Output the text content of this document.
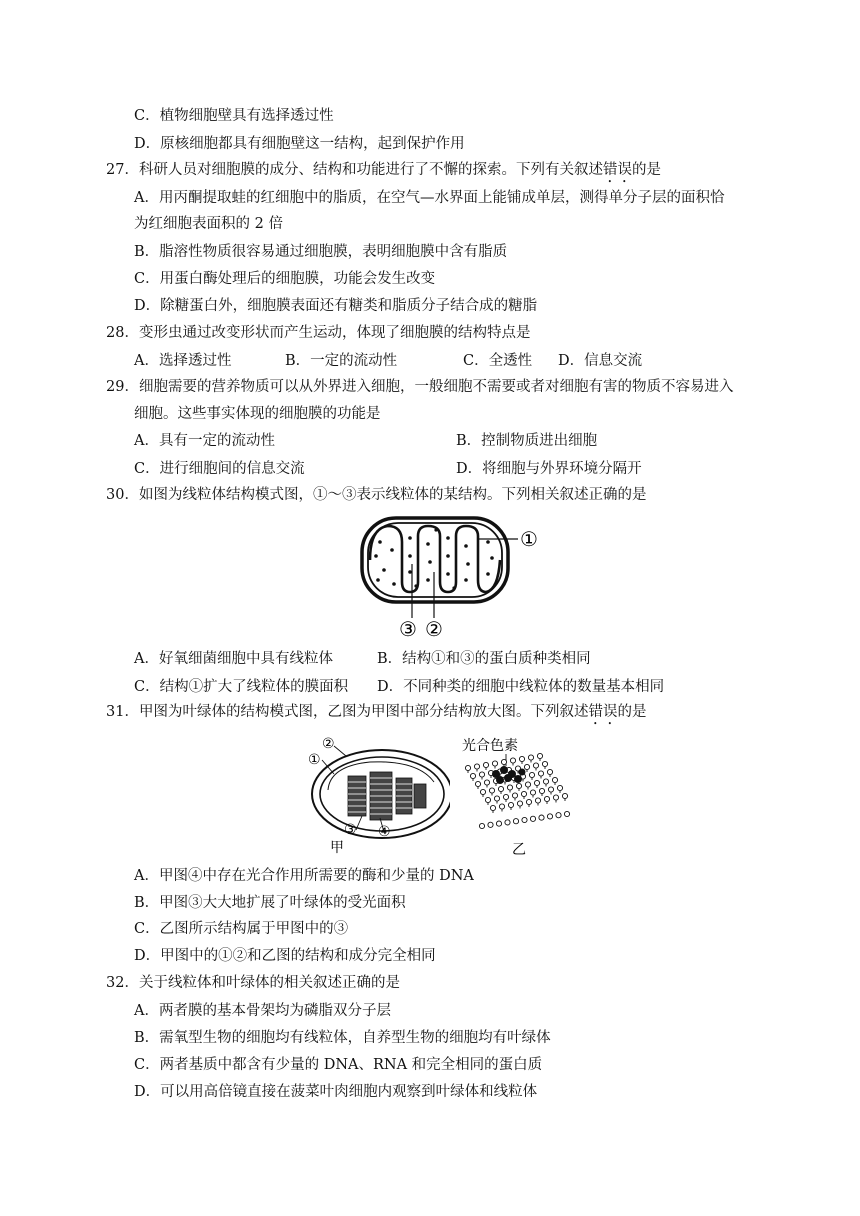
C．植物细胞壁具有选择透过性
D．原核细胞都具有细胞壁这一结构，起到保护作用
27．科研人员对细胞膜的成分、结构和功能进行了不懈的探索。下列有关叙述错误的是
A．用丙酮提取蛙的红细胞中的脂质，在空气—水界面上能铺成单层，测得单分子层的面积恰
为红细胞表面积的 2 倍
B．脂溶性物质很容易通过细胞膜，表明细胞膜中含有脂质
C．用蛋白酶处理后的细胞膜，功能会发生改变
D．除糖蛋白外，细胞膜表面还有糖类和脂质分子结合成的糖脂
28．变形虫通过改变形状而产生运动，体现了细胞膜的结构特点是
A．选择透过性	B．一定的流动性	C．全透性 D．信息交流
29．细胞需要的营养物质可以从外界进入细胞，一般细胞不需要或者对细胞有害的物质不容易进入
细胞。这些事实体现的细胞膜的功能是
A．具有一定的流动性	B．控制物质进出细胞
C．进行细胞间的信息交流	D．将细胞与外界环境分隔开
30．如图为线粒体结构模式图，①～③表示线粒体的某结构。下列相关叙述正确的是
①
③ ②
A．好氧细菌细胞中具有线粒体	B．结构①和③的蛋白质种类相同
C．结构①扩大了线粒体的膜面积 D．不同种类的细胞中线粒体的数量基本相同
31．甲图为叶绿体的结构模式图，乙图为甲图中部分结构放大图。下列叙述错误的是
①
②
③ ④
甲
光合色素
乙
A．甲图④中存在光合作用所需要的酶和少量的 DNA
B．甲图③大大地扩展了叶绿体的受光面积
C．乙图所示结构属于甲图中的③
D．甲图中的①②和乙图的结构和成分完全相同
32．关于线粒体和叶绿体的相关叙述正确的是
A．两者膜的基本骨架均为磷脂双分子层
B．需氧型生物的细胞均有线粒体，自养型生物的细胞均有叶绿体
C．两者基质中都含有少量的 DNA、RNA 和完全相同的蛋白质
D．可以用高倍镜直接在菠菜叶肉细胞内观察到叶绿体和线粒体
